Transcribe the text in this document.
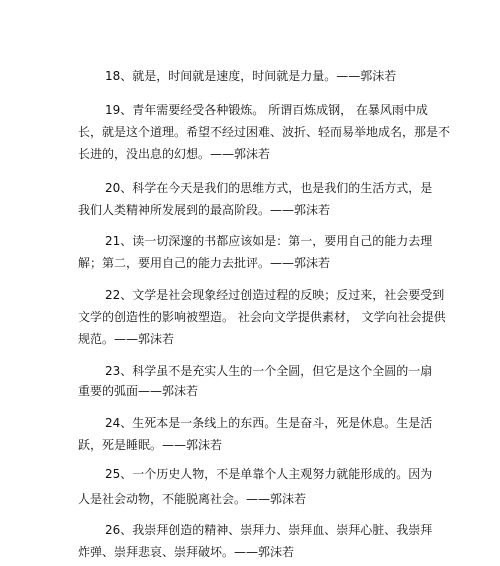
18、就是，时间就是速度，时间就是力量。——郭沫若
19、青年需要经受各种锻炼。 所谓百炼成钢， 在暴风雨中成
长，就是这个道理。希望不经过困难、波折、轻而易举地成名，那是不
长进的，没出息的幻想。——郭沫若
20、科学在今天是我们的思维方式，也是我们的生活方式，是
我们人类精神所发展到的最高阶段。——郭沫若
21、读一切深邃的书都应该如是：第一，要用自己的能力去理
解；第二，要用自己的能力去批评。——郭沫若
22、文学是社会现象经过创造过程的反映；反过来，社会要受到
文学的创造性的影响被塑造。 社会向文学提供素材， 文学向社会提供
规范。——郭沫若
23、科学虽不是充实人生的一个全圆，但它是这个全圆的一扇
重要的弧面——郭沫若
24、生死本是一条线上的东西。生是奋斗，死是休息。生是活
跃，死是睡眠。——郭沫若
25、一个历史人物，不是单靠个人主观努力就能形成的。因为
人是社会动物，不能脱离社会。——郭沫若
26、我崇拜创造的精神、崇拜力、崇拜血、崇拜心脏、我崇拜
炸弹、崇拜悲哀、崇拜破坏。——郭沫若
